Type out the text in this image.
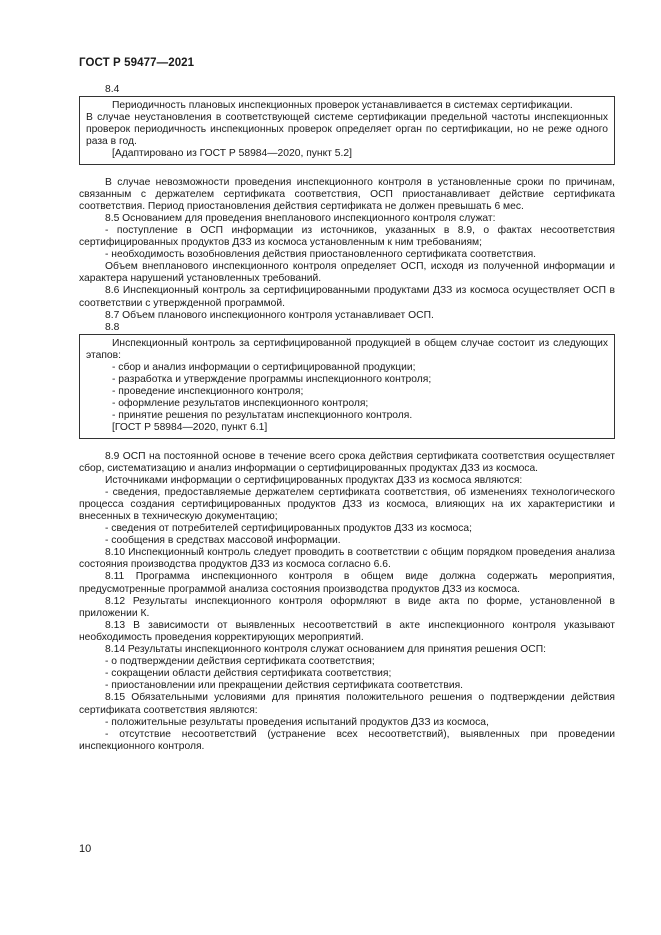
ГОСТ Р 59477—2021

8.4

Периодичность плановых инспекционных проверок устанавливается в системах сертификации.

В случае неустановления в соответствующей системе сертификации предельной частоты инспекционных проверок периодичность инспекционных проверок определяет орган по сертификации, но не реже одного раза в год.

[Адаптировано из ГОСТ Р 58984—2020, пункт 5.2]

В случае невозможности проведения инспекционного контроля в установленные сроки по причинам, связанным с держателем сертификата соответствия, ОСП приостанавливает действие сертификата соответствия. Период приостановления действия сертификата не должен превышать 6 мес.

8.5 Основанием для проведения внепланового инспекционного контроля служат:

- поступление в ОСП информации из источников, указанных в 8.9, о фактах несоответствия сертифицированных продуктов ДЗЗ из космоса установленным к ним требованиям;

- необходимость возобновления действия приостановленного сертификата соответствия.

Объем внепланового инспекционного контроля определяет ОСП, исходя из полученной информации и характера нарушений установленных требований.

8.6 Инспекционный контроль за сертифицированными продуктами ДЗЗ из космоса осуществляет ОСП в соответствии с утвержденной программой.

8.7 Объем планового инспекционного контроля устанавливает ОСП.

8.8

Инспекционный контроль за сертифицированной продукцией в общем случае состоит из следующих этапов:

- сбор и анализ информации о сертифицированной продукции;

- разработка и утверждение программы инспекционного контроля;

- проведение инспекционного контроля;

- оформление результатов инспекционного контроля;

- принятие решения по результатам инспекционного контроля.

[ГОСТ Р 58984—2020, пункт 6.1]

8.9 ОСП на постоянной основе в течение всего срока действия сертификата соответствия осуществляет сбор, систематизацию и анализ информации о сертифицированных продуктах ДЗЗ из космоса.

Источниками информации о сертифицированных продуктах ДЗЗ из космоса являются:

- сведения, предоставляемые держателем сертификата соответствия, об изменениях технологического процесса создания сертифицированных продуктов ДЗЗ из космоса, влияющих на их характеристики и внесенных в техническую документацию;

- сведения от потребителей сертифицированных продуктов ДЗЗ из космоса;

- сообщения в средствах массовой информации.

8.10 Инспекционный контроль следует проводить в соответствии с общим порядком проведения анализа состояния производства продуктов ДЗЗ из космоса согласно 6.6.

8.11 Программа инспекционного контроля в общем виде должна содержать мероприятия, предусмотренные программой анализа состояния производства продуктов ДЗЗ из космоса.

8.12 Результаты инспекционного контроля оформляют в виде акта по форме, установленной в приложении К.

8.13 В зависимости от выявленных несоответствий в акте инспекционного контроля указывают необходимость проведения корректирующих мероприятий.

8.14 Результаты инспекционного контроля служат основанием для принятия решения ОСП:

- о подтверждении действия сертификата соответствия;

- сокращении области действия сертификата соответствия;

- приостановлении или прекращении действия сертификата соответствия.

8.15 Обязательными условиями для принятия положительного решения о подтверждении действия сертификата соответствия являются:

- положительные результаты проведения испытаний продуктов ДЗЗ из космоса,

- отсутствие несоответствий (устранение всех несоответствий), выявленных при проведении инспекционного контроля.

10
